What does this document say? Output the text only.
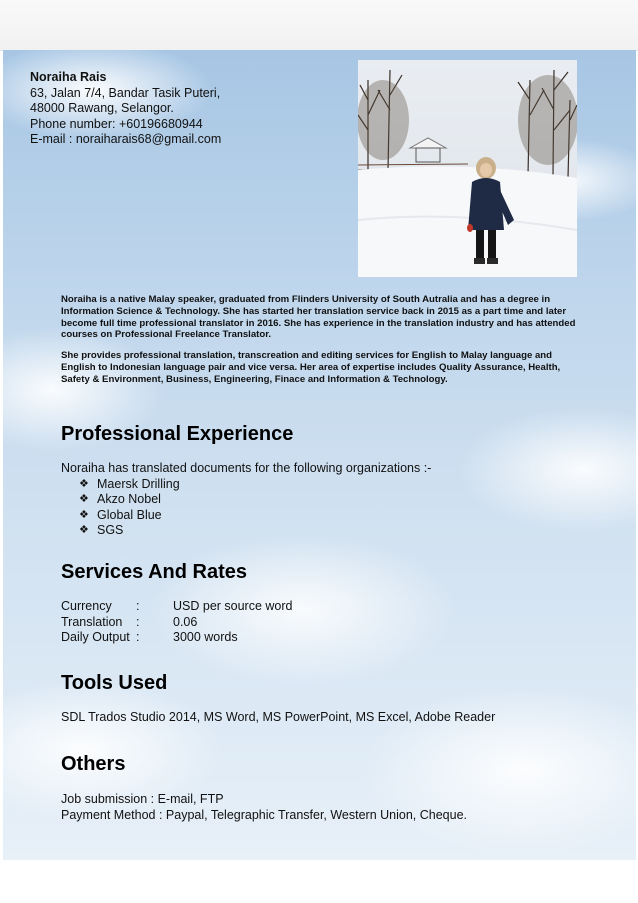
Noraiha Rais
63, Jalan 7/4, Bandar Tasik Puteri,
48000 Rawang, Selangor.
Phone number: +60196680944
E-mail : noraiharais68@gmail.com

Noraiha is a native Malay speaker, graduated from Flinders University of South Autralia and has a degree in Information Science & Technology. She has started her translation service back in 2015 as a part time and later become full time professional translator in 2016. She has experience in the translation industry and has attended courses on Professional Freelance Translator.

She provides professional translation, transcreation and editing services for English to Malay language and English to Indonesian language pair and vice versa. Her area of expertise includes Quality Assurance, Health, Safety & Environment, Business, Engineering, Finace and Information & Technology.

Professional Experience
Noraiha has translated documents for the following organizations :-
❖ Maersk Drilling
❖ Akzo Nobel
❖ Global Blue
❖ SGS
Services And Rates
Currency	:	USD per source word
Translation	:	0.06
Daily Output :	3000 words
Tools Used
SDL Trados Studio 2014, MS Word, MS PowerPoint, MS Excel, Adobe Reader
Others
Job submission : E-mail, FTP
Payment Method : Paypal, Telegraphic Transfer, Western Union, Cheque.
